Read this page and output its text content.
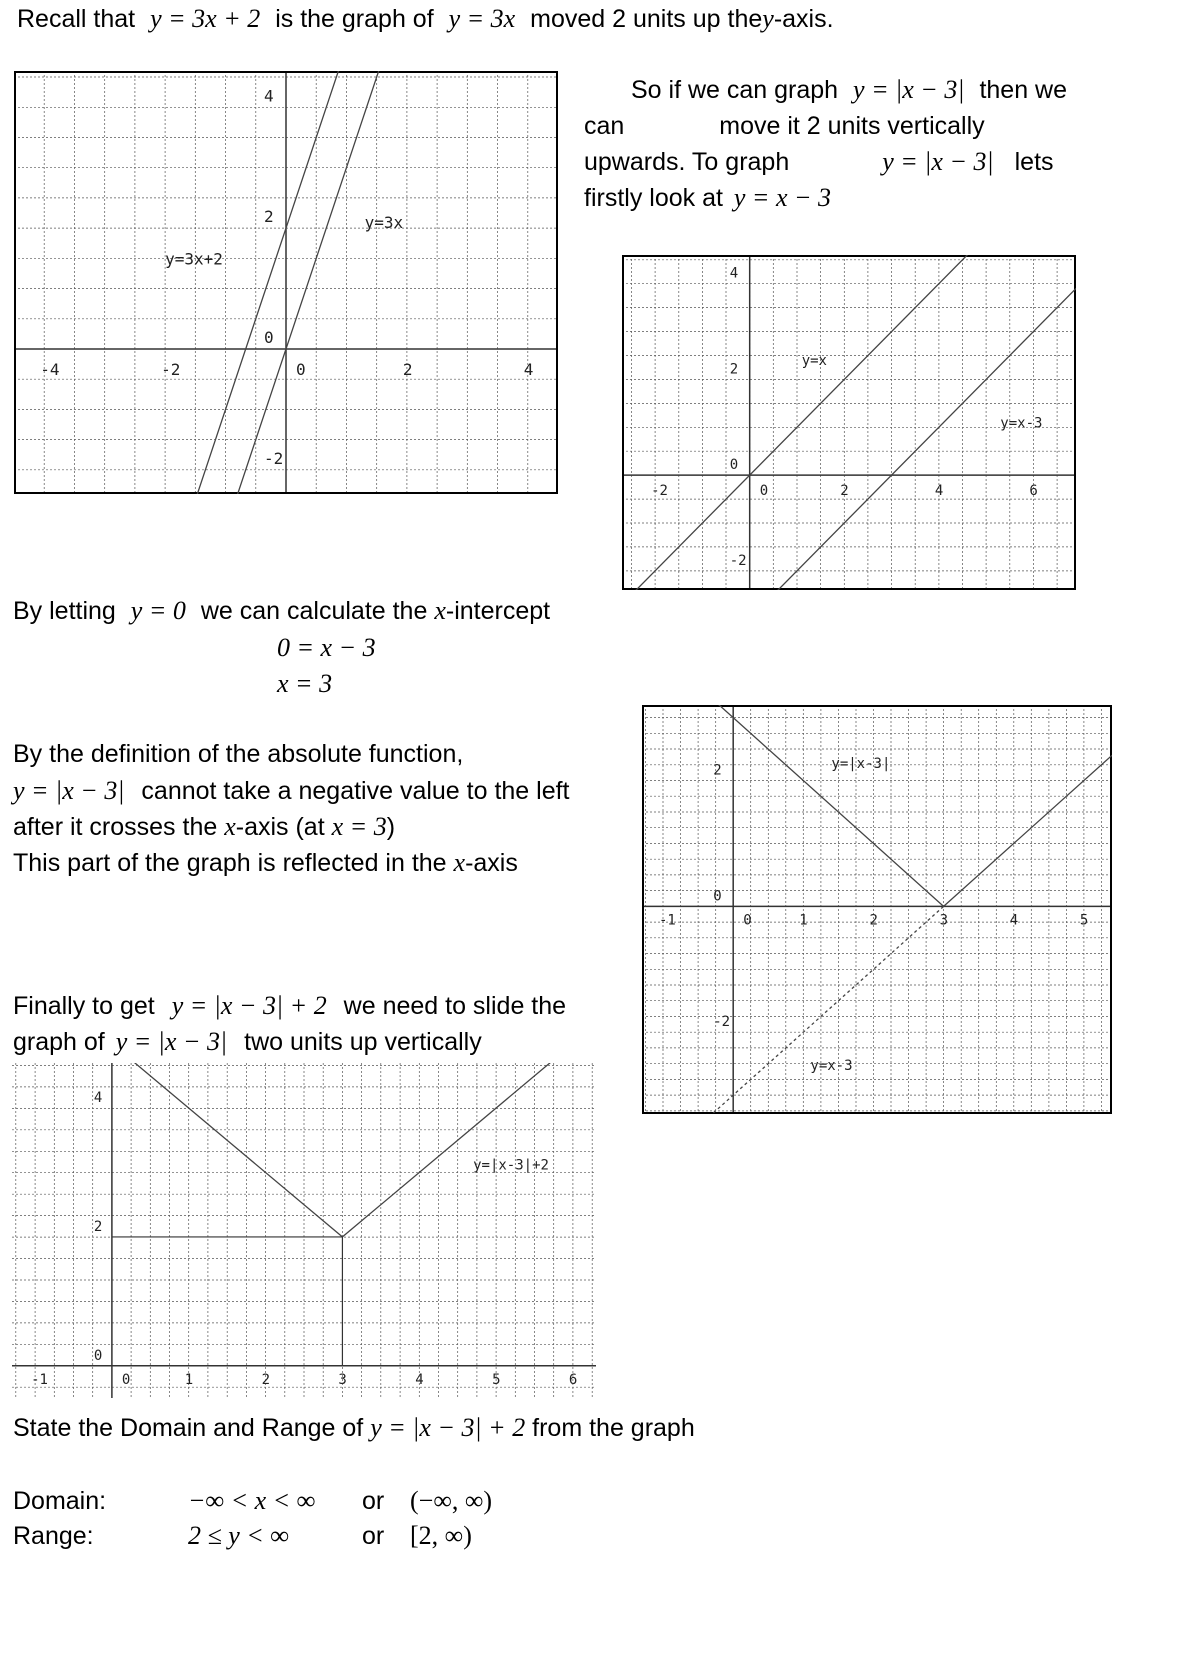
Recall that y = 3x + 2 is the graph of y = 3x moved 2 units up they-axis.
So if we can graph y = |x − 3| then we
can	move it 2 units vertically
upwards. To graph	y = |x − 3| lets
firstly look at y = x − 3
-4	-2	0	2	4
4
2
0
-2
y=3x
y=3x+2
-2	0	2	4	6
4
2
0
-2
y=x
y=x-3
By letting y = 0 we can calculate the x-intercept
0 = x − 3
x = 3
By the definition of the absolute function,
y = |x − 3| cannot take a negative value to the left
after it crosses the x-axis (at x = 3)
This part of the graph is reflected in the x-axis
-1	0	1	2	3	4	5
2
0
-2
y=|x-3|
y=x-3
Finally to get y = |x − 3| + 2 we need to slide the
graph of y = |x − 3| two units up vertically
-1	0	1	2	3	4	5	6
4
2
0
y=|x-3|+2
State the Domain and Range of y = |x − 3| + 2 from the graph
Domain:	−∞ < x < ∞ or (−∞, ∞)
Range:	2 ≤ y < ∞	or [2, ∞)
